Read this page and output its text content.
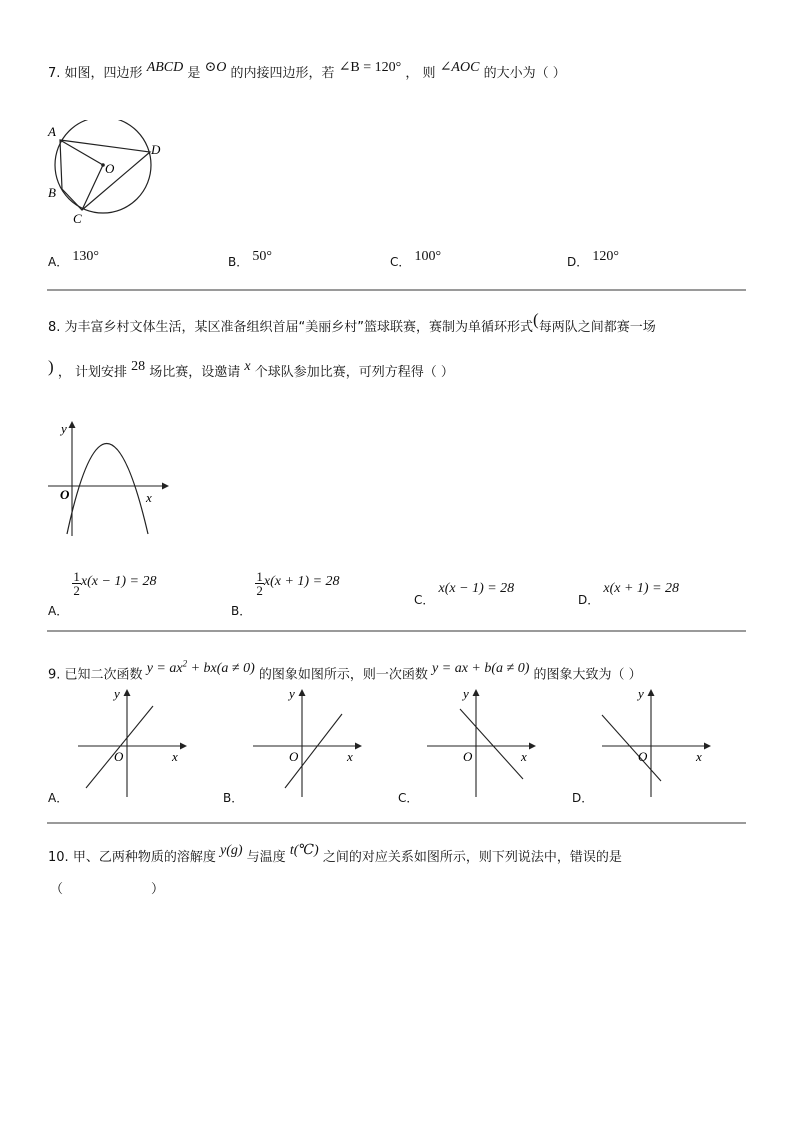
7. 如图，四边形 ABCD 是 ⊙O 的内接四边形，若 ∠B = 120° ， 则 ∠AOC 的大小为（ ）
A
B
C
D
O
A． 130°	B． 50°	C． 100°	D． 120°
8. 为丰富乡村文体生活，某区准备组织首届“美丽乡村”篮球联赛，赛制为单循环形式(每两队之间都赛一场
) ， 计划安排 28 场比赛，设邀请 x 个球队参加比赛，可列方程得（ ）
y
O	x
A．
$\frac{1}{2} x(x - 1) = 28$
B．
$\frac{1}{2} x(x + 1) = 28$
C． x(x − 1) = 28
D． x(x + 1) = 28
9. 已知二次函数 $y = ax^2 + bx(a \ne 0)$ 的图象如图所示，则一次函数 y = ax + b(a ≠ 0) 的图象大致为（ ）
y
O	x
y
O	x
y
O	x
y
O	x
A．	B．	C．	D．
10. 甲、乙两种物质的溶解度 y(g) 与温度 t(℃) 之间的对应关系如图所示，则下列说法中，错误的是
（	）
